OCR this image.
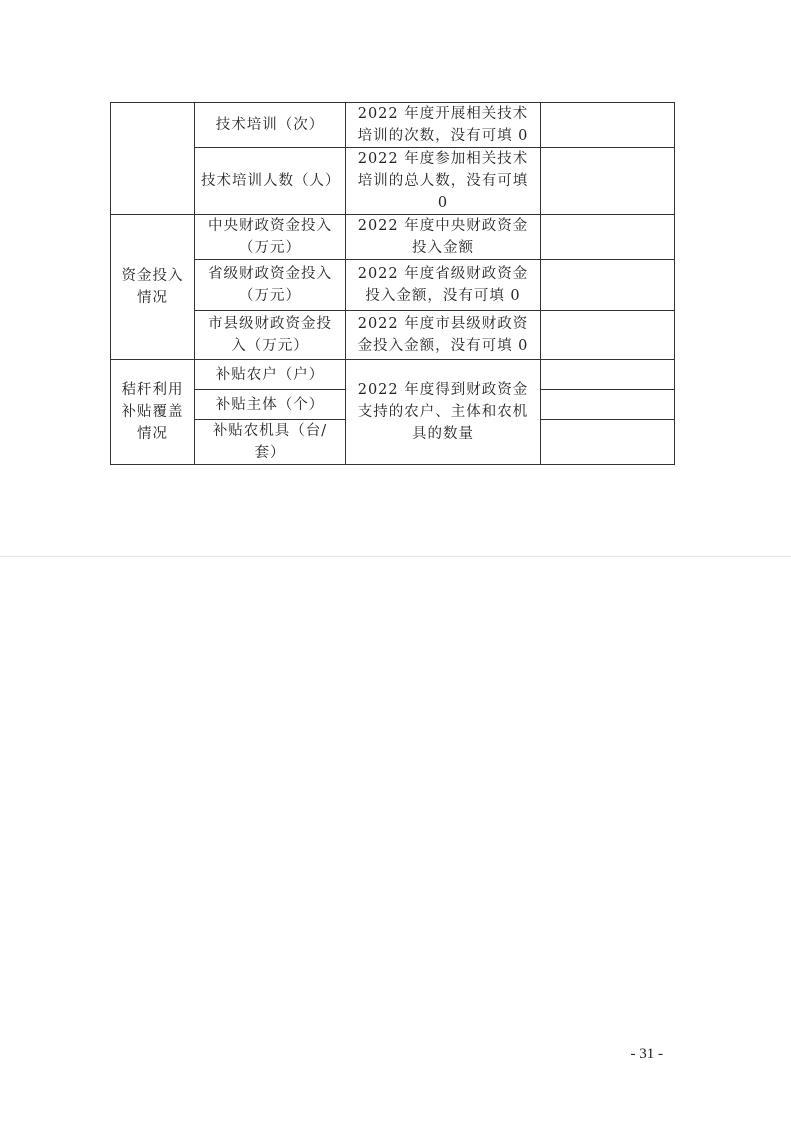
	技术培训（次）	2022 年度开展相关技术培训的次数，没有可填 0	
	技术培训人数（人）	2022 年度参加相关技术培训的总人数，没有可填 0	
资金投入情况	中央财政资金投入（万元）	2022 年度中央财政资金投入金额	
	省级财政资金投入（万元）	2022 年度省级财政资金投入金额，没有可填 0	
	市县级财政资金投入（万元）	2022 年度市县级财政资金投入金额，没有可填 0	
秸秆利用补贴覆盖情况	补贴农户（户）	2022 年度得到财政资金支持的农户、主体和农机具的数量	
	补贴主体（个）		
	补贴农机具（台/套）		
- 31 -
